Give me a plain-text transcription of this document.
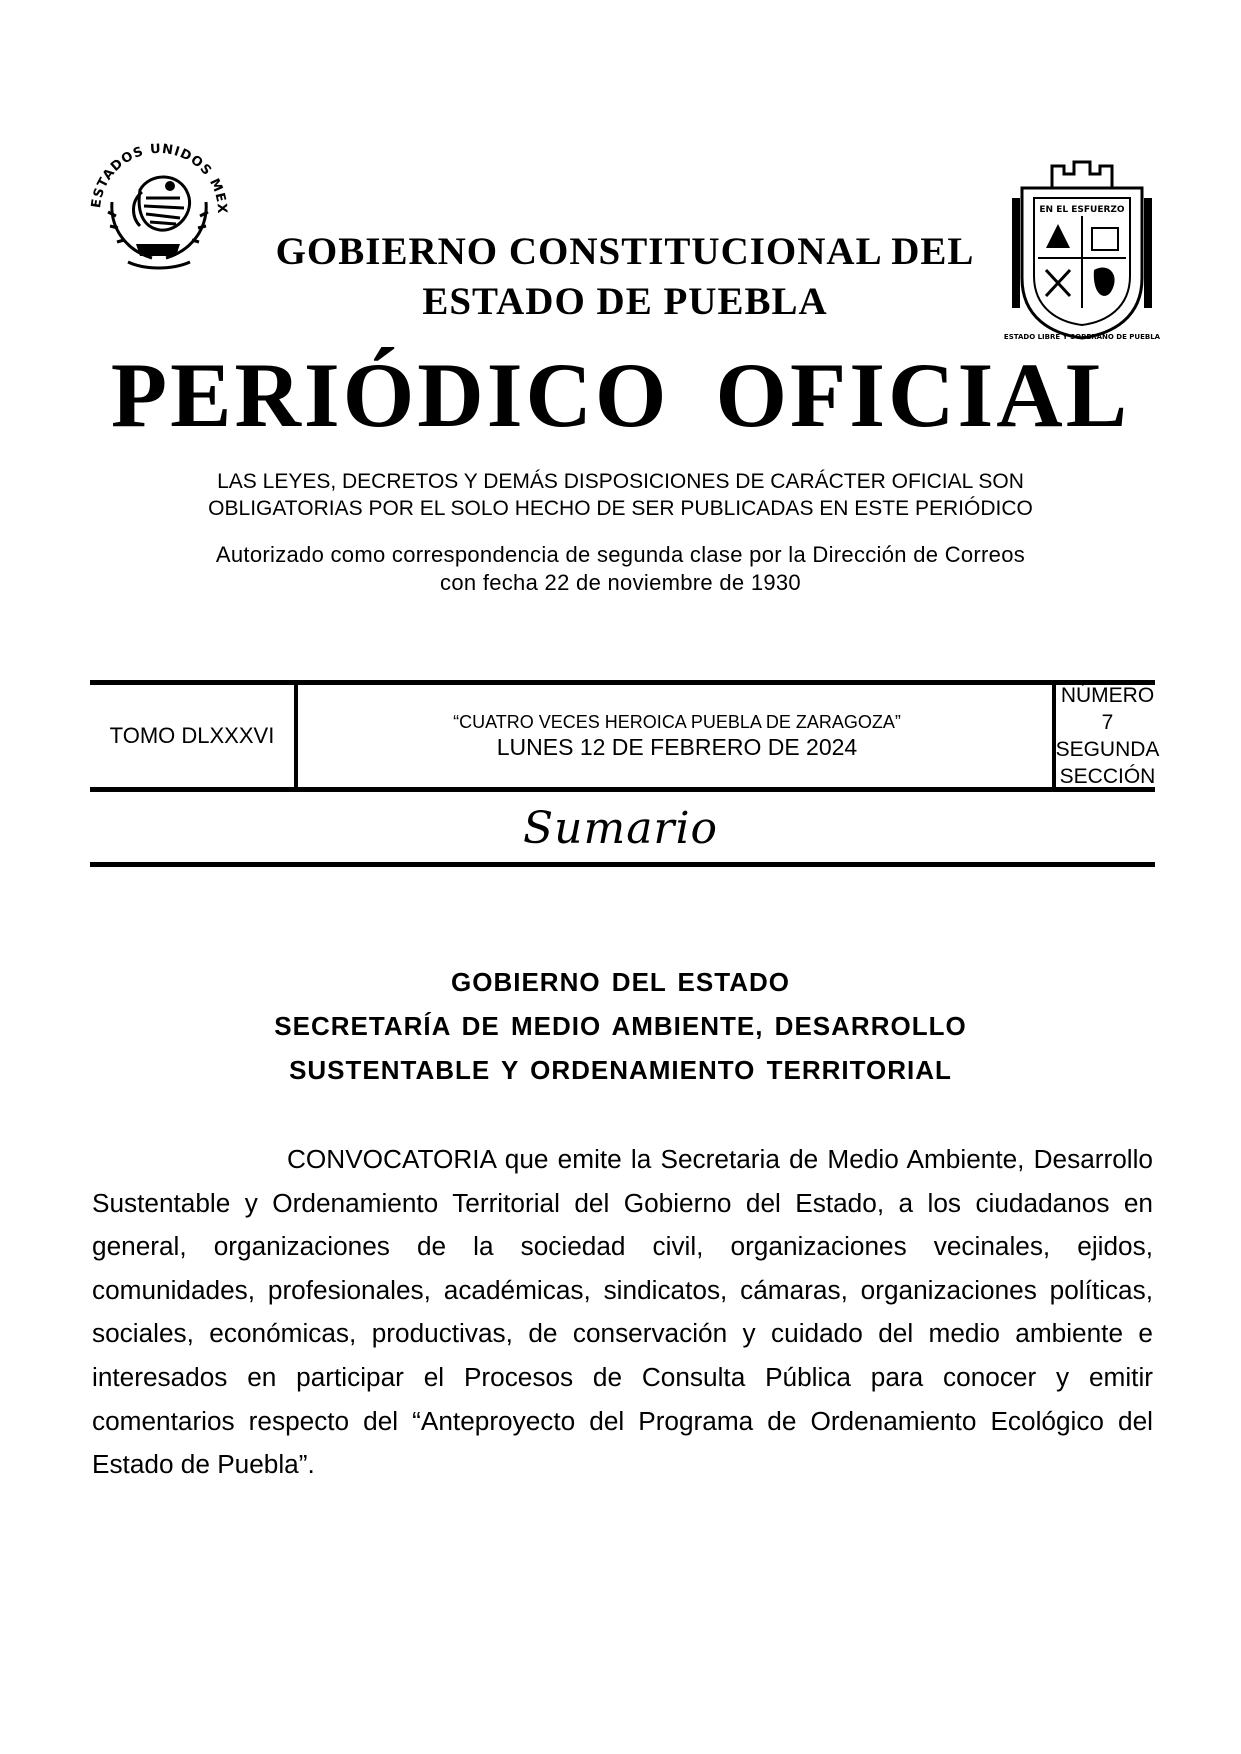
ESTADOS UNIDOS MEX	EN EL ESFUERZO
ESTADO LIBRE Y SOBERANO DE PUEBLA
GOBIERNO CONSTITUCIONAL DEL
ESTADO DE PUEBLA
PERIÓDICO OFICIAL
LAS LEYES, DECRETOS Y DEMÁS DISPOSICIONES DE CARÁCTER OFICIAL SON
OBLIGATORIAS POR EL SOLO HECHO DE SER PUBLICADAS EN ESTE PERIÓDICO
Autorizado como correspondencia de segunda clase por la Dirección de Correos
con fecha 22 de noviembre de 1930
TOMO DLXXXVI
“CUATRO VECES HEROICA PUEBLA DE ZARAGOZA”
LUNES 12 DE FEBRERO DE 2024
NÚMERO 7
SEGUNDA
SECCIÓN
Sumario
GOBIERNO DEL ESTADO
SECRETARÍA DE MEDIO AMBIENTE, DESARROLLO
SUSTENTABLE Y ORDENAMIENTO TERRITORIAL

CONVOCATORIA que emite la Secretaria de Medio Ambiente, Desarrollo Sustentable y Ordenamiento Territorial del Gobierno del Estado, a los ciudadanos en general, organizaciones de la sociedad civil, organizaciones vecinales, ejidos, comunidades, profesionales, académicas, sindicatos, cámaras, organizaciones políticas, sociales, económicas, productivas, de conservación y cuidado del medio ambiente e interesados en participar el Procesos de Consulta Pública para conocer y emitir comentarios respecto del “Anteproyecto del Programa de Ordenamiento Ecológico del Estado de Puebla”.
